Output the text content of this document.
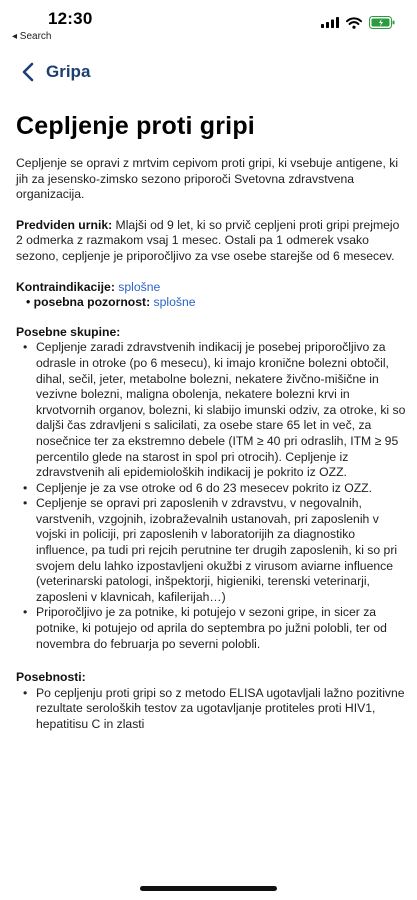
12:30
◂ Search
Gripa
Cepljenje proti gripi

Cepljenje se opravi z mrtvim cepivom proti gripi, ki vsebuje antigene, ki jih za jesensko-zimsko sezono priporoči Svetovna zdravstvena organizacija.

Predviden urnik: Mlajši od 9 let, ki so prvič cepljeni proti gripi prejmejo 2 odmerka z razmakom vsaj 1 mesec. Ostali pa 1 odmerek vsako sezono, cepljenje je priporočljivo za vse osebe starejše od 6 mesecev.

Kontraindikacije: splošne
• posebna pozornost: splošne
Posebne skupine:
• Cepljenje zaradi zdravstvenih indikacij je posebej priporočljivo za odrasle in otroke (po 6 mesecu), ki imajo kronične bolezni obtočil, dihal, sečil, jeter, metabolne bolezni, nekatere živčno-mišične in vezivne bolezni, maligna obolenja, nekatere bolezni krvi in krvotvornih organov, bolezni, ki slabijo imunski odziv, za otroke, ki so daljši čas zdravljeni s salicilati, za osebe stare 65 let in več, za nosečnice ter za ekstremno debele (ITM ≥ 40 pri odraslih, ITM ≥ 95 percentilo glede na starost in spol pri otrocih). Cepljenje iz zdravstvenih ali epidemioloških indikacij je pokrito iz OZZ.
• Cepljenje je za vse otroke od 6 do 23 mesecev pokrito iz OZZ.
• Cepljenje se opravi pri zaposlenih v zdravstvu, v negovalnih, varstvenih, vzgojnih, izobraževalnih ustanovah, pri zaposlenih v vojski in policiji, pri zaposlenih v laboratorijih za diagnostiko influence, pa tudi pri rejcih perutnine ter drugih zaposlenih, ki so pri svojem delu lahko izpostavljeni okužbi z virusom aviarne influence (veterinarski patologi, inšpektorji, higieniki, terenski veterinarji, zaposleni v klavnicah, kafilerijah…)
• Priporočljivo je za potnike, ki potujejo v sezoni gripe, in sicer za potnike, ki potujejo od aprila do septembra po južni polobli, ter od novembra do februarja po severni polobli.
Posebnosti:
• Po cepljenju proti gripi so z metodo ELISA ugotavljali lažno pozitivne rezultate seroloških testov za ugotavljanje protiteles proti HIV1, hepatitisu C in zlasti
